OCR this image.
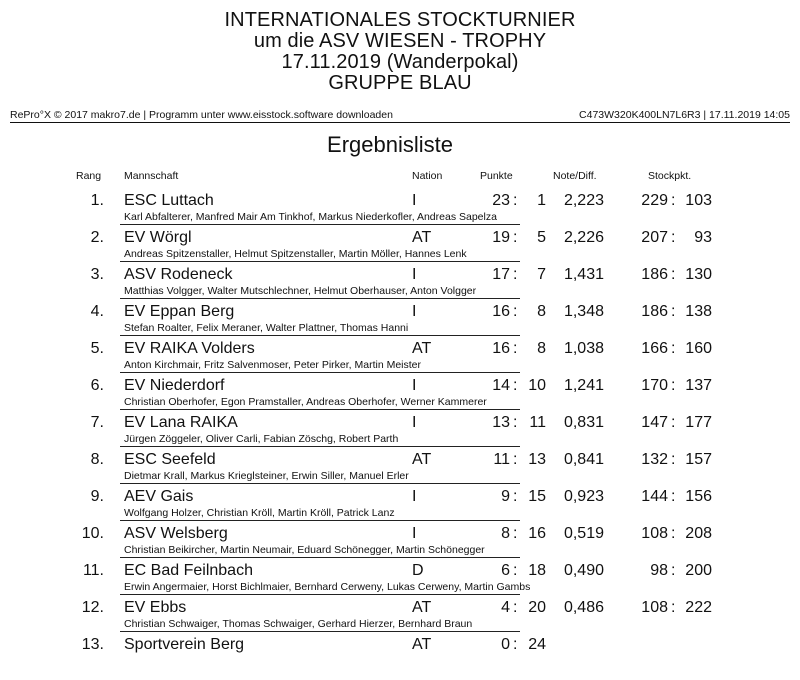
INTERNATIONALES STOCKTURNIER
um die ASV WIESEN - TROPHY
17.11.2019 (Wanderpokal)
GRUPPE BLAU
RePro°X © 2017 makro7.de | Programm unter www.eisstock.software downloaden	C473W320K400LN7L6R3 | 17.11.2019 14:05
Ergebnisliste
Rang Mannschaft	Nation	Punkte	Note/Diff.	Stockpkt.
1. ESC Luttach	I	23 :	1	2,223	229 : 103
Karl Abfalterer, Manfred Mair Am Tinkhof, Markus Niederkofler, Andreas Sapelza
2. EV Wörgl	AT	19 :	5	2,226	207 :	93
Andreas Spitzenstaller, Helmut Spitzenstaller, Martin Möller, Hannes Lenk
3. ASV Rodeneck	I	17 :	7	1,431	186 : 130
Matthias Volgger, Walter Mutschlechner, Helmut Oberhauser, Anton Volgger
4. EV Eppan Berg	I	16 :	8	1,348	186 : 138
Stefan Roalter, Felix Meraner, Walter Plattner, Thomas Hanni
5. EV RAIKA Volders	AT	16 :	8	1,038	166 : 160
Anton Kirchmair, Fritz Salvenmoser, Peter Pirker, Martin Meister
6. EV Niederdorf	I	14 : 10	1,241	170 : 137
Christian Oberhofer, Egon Pramstaller, Andreas Oberhofer, Werner Kammerer
7. EV Lana RAIKA	I	13 : 11	0,831	147 : 177
Jürgen Zöggeler, Oliver Carli, Fabian Zöschg, Robert Parth
8. ESC Seefeld	AT	11 : 13	0,841	132 : 157
Dietmar Krall, Markus Krieglsteiner, Erwin Siller, Manuel Erler
9. AEV Gais	I	9 : 15	0,923	144 : 156
Wolfgang Holzer, Christian Kröll, Martin Kröll, Patrick Lanz
10. ASV Welsberg	I	8 : 16	0,519	108 : 208
Christian Beikircher, Martin Neumair, Eduard Schönegger, Martin Schönegger
11. EC Bad Feilnbach	D	6 : 18	0,490	98 : 200
Erwin Angermaier, Horst Bichlmaier, Bernhard Cerweny, Lukas Cerweny, Martin Gambs
12. EV Ebbs	AT	4 : 20	0,486	108 : 222
Christian Schwaiger, Thomas Schwaiger, Gerhard Hierzer, Bernhard Braun
13. Sportverein Berg	AT	0 : 24
